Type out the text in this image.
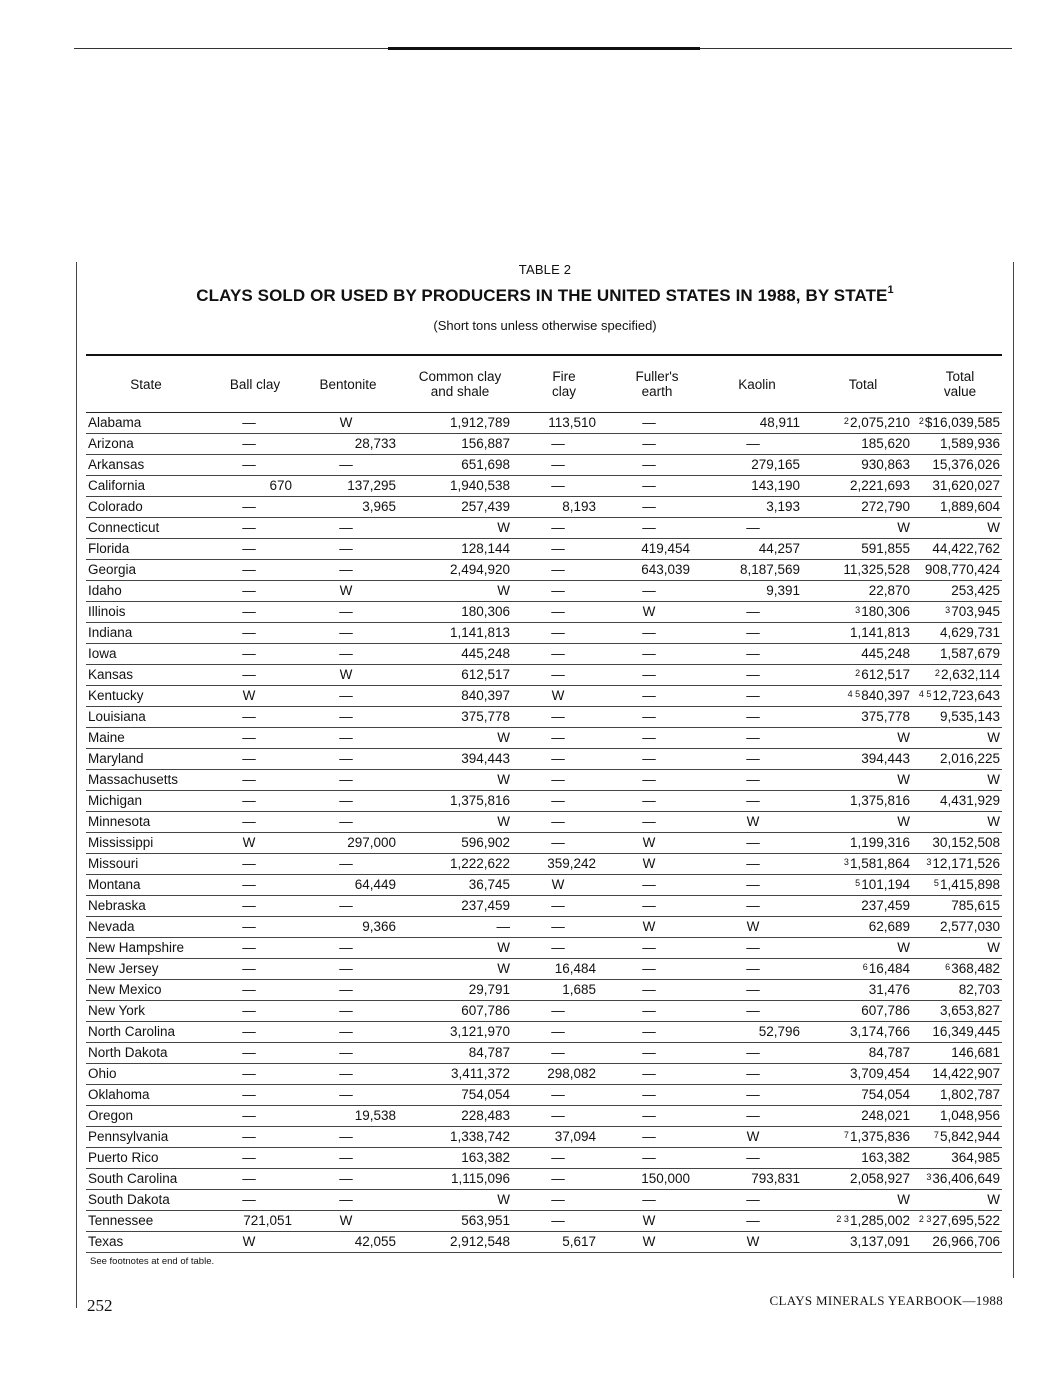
TABLE 2
CLAYS SOLD OR USED BY PRODUCERS IN THE UNITED STATES IN 1988, BY STATE$^1$
(Short tons unless otherwise specified)
State	Ball clay	Bentonite	Common clay and shale	Fire clay	Fuller's earth	Kaolin	Total	Total value
Alabama	—	W	1,912,789	113,510	—	48,911	$^2$2,075,210	$^2$\$16,039,585
Arizona	—	28,733	156,887	—	—	—	185,620	1,589,936
Arkansas	—	—	651,698	—	—	279,165	930,863	15,376,026
California	670	137,295	1,940,538	—	—	143,190	2,221,693	31,620,027
Colorado	—	3,965	257,439	8,193	—	3,193	272,790	1,889,604
Connecticut	—	—	W	—	—	—	W	W
Florida	—	—	128,144	—	419,454	44,257	591,855	44,422,762
Georgia	—	—	2,494,920	—	643,039	8,187,569	11,325,528	908,770,424
Idaho	—	W	W	—	—	9,391	22,870	253,425
Illinois	—	—	180,306	—	W	—	$^3$180,306	$^3$703,945
Indiana	—	—	1,141,813	—	—	—	1,141,813	4,629,731
Iowa	—	—	445,248	—	—	—	445,248	1,587,679
Kansas	—	W	612,517	—	—	—	$^2$612,517	$^2$2,632,114
Kentucky	W	—	840,397	W	—	—	$^{4 5}$840,397	$^{4 5}$12,723,643
Louisiana	—	—	375,778	—	—	—	375,778	9,535,143
Maine	—	—	W	—	—	—	W	W
Maryland	—	—	394,443	—	—	—	394,443	2,016,225
Massachusetts	—	—	W	—	—	—	W	W
Michigan	—	—	1,375,816	—	—	—	1,375,816	4,431,929
Minnesota	—	—	W	—	—	W	W	W
Mississippi	W	297,000	596,902	—	W	—	1,199,316	30,152,508
Missouri	—	—	1,222,622	359,242	W	—	$^3$1,581,864	$^3$12,171,526
Montana	—	64,449	36,745	W	—	—	$^5$101,194	$^5$1,415,898
Nebraska	—	—	237,459	—	—	—	237,459	785,615
Nevada	—	9,366	—	—	W	W	62,689	2,577,030
New Hampshire	—	—	W	—	—	—	W	W
New Jersey	—	—	W	16,484	—	—	$^6$16,484	$^6$368,482
New Mexico	—	—	29,791	1,685	—	—	31,476	82,703
New York	—	—	607,786	—	—	—	607,786	3,653,827
North Carolina	—	—	3,121,970	—	—	52,796	3,174,766	16,349,445
North Dakota	—	—	84,787	—	—	—	84,787	146,681
Ohio	—	—	3,411,372	298,082	—	—	3,709,454	14,422,907
Oklahoma	—	—	754,054	—	—	—	754,054	1,802,787
Oregon	—	19,538	228,483	—	—	—	248,021	1,048,956
Pennsylvania	—	—	1,338,742	37,094	—	W	$^7$1,375,836	$^7$5,842,944
Puerto Rico	—	—	163,382	—	—	—	163,382	364,985
South Carolina	—	—	1,115,096	—	150,000	793,831	2,058,927	$^3$36,406,649
South Dakota	—	—	W	—	—	—	W	W
Tennessee	721,051	W	563,951	—	W	—	$^{2 3}$1,285,002	$^{2 3}$27,695,522
Texas	W	42,055	2,912,548	5,617	W	W	3,137,091	26,966,706
See footnotes at end of table.
252	CLAYS MINERALS YEARBOOK—1988
